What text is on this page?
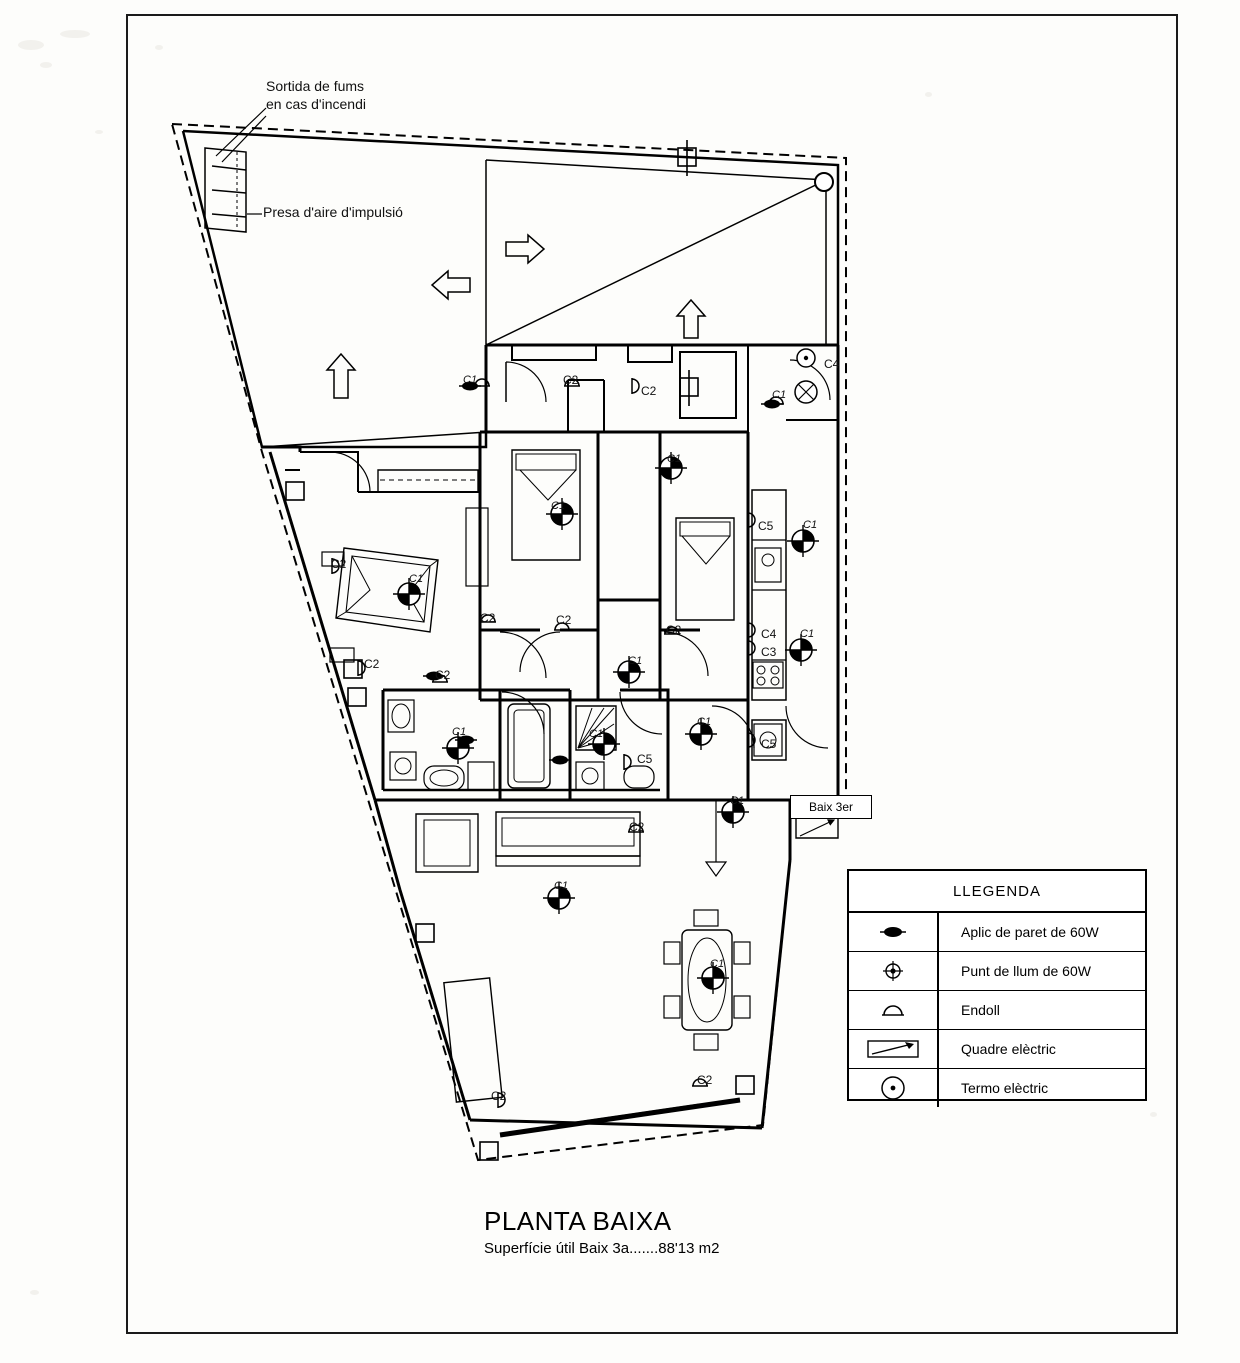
Sortida de fums
en cas d'incendi
Presa d'aire d'impulsió
Baix 3er
C1	C2
C2	C1
C4
C1
C1
C5	C1
C2
C1
C4
C3
C1
C2	C2
C2
C2	C1
C2
C1	C1
C5
C1
C5
C1
C2
C1
C1
C2
C2
LLEGENDA
Aplic de paret de 60W
Punt de llum de 60W
Endoll
Quadre elèctric
Termo elèctric
PLANTA BAIXA
Superfície útil Baix 3a.......88'13 m2
